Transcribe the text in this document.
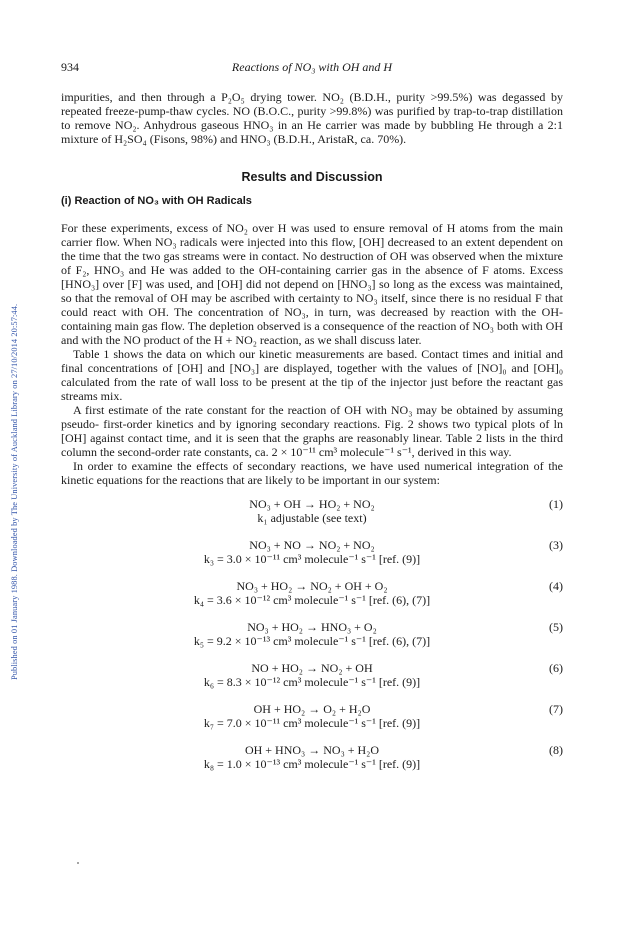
Published on 01 January 1988. Downloaded by The University of Auckland Library on 27/10/2014 20:57:44.
934	Reactions of NO₃ with OH and H

impurities, and then through a P₂O₅ drying tower. NO₂ (B.D.H., purity >99.5%) was degassed by repeated freeze-pump-thaw cycles. NO (B.O.C., purity >99.8%) was purified by trap-to-trap distillation to remove NO₂. Anhydrous gaseous HNO₃ in an He carrier was made by bubbling He through a 2:1 mixture of H₂SO₄ (Fisons, 98%) and HNO₃ (B.D.H., AristaR, ca. 70%).

Results and Discussion
(i) Reaction of NO₃ with OH Radicals

For these experiments, excess of NO₂ over H was used to ensure removal of H atoms from the main carrier flow. When NO₃ radicals were injected into this flow, [OH] decreased to an extent dependent on the time that the two gas streams were in contact. No destruction of OH was observed when the mixture of F₂, HNO₃ and He was added to the OH-containing carrier gas in the absence of F atoms. Excess [HNO₃] over [F] was used, and [OH] did not depend on [HNO₃] so long as the excess was maintained, so that the removal of OH may be ascribed with certainty to NO₃ itself, since there is no residual F that could react with OH. The concentration of NO₃, in turn, was decreased by reaction with the OH-containing main gas flow. The depletion observed is a consequence of the reaction of NO₃ both with OH and with the NO product of the H + NO₂ reaction, as we shall discuss later.

Table 1 shows the data on which our kinetic measurements are based. Contact times and initial and final concentrations of [OH] and [NO₃] are displayed, together with the values of [NO]₀ and [OH]₀ calculated from the rate of wall loss to be present at the tip of the injector just before the reactant gas streams mix.

A first estimate of the rate constant for the reaction of OH with NO₃ may be obtained by assuming pseudo- first-order kinetics and by ignoring secondary reactions. Fig. 2 shows two typical plots of ln [OH] against contact time, and it is seen that the graphs are reasonably linear. Table 2 lists in the third column the second-order rate constants, ca. 2 × 10⁻¹¹ cm³ molecule⁻¹ s⁻¹, derived in this way.

In order to examine the effects of secondary reactions, we have used numerical integration of the kinetic equations for the reactions that are likely to be important in our system:

NO₃ + OH → HO₂ + NO₂	(1)
k₁ adjustable (see text)
NO₃ + NO → NO₂ + NO₂	(3)
k₃ = 3.0 × 10⁻¹¹ cm³ molecule⁻¹ s⁻¹ [ref. (9)]
NO₃ + HO₂ → NO₂ + OH + O₂	(4)
k₄ = 3.6 × 10⁻¹² cm³ molecule⁻¹ s⁻¹ [ref. (6), (7)]
NO₃ + HO₂ → HNO₃ + O₂	(5)
k₅ = 9.2 × 10⁻¹³ cm³ molecule⁻¹ s⁻¹ [ref. (6), (7)]
NO + HO₂ → NO₂ + OH	(6)
k₆ = 8.3 × 10⁻¹² cm³ molecule⁻¹ s⁻¹ [ref. (9)]
OH + HO₂ → O₂ + H₂O	(7)
k₇ = 7.0 × 10⁻¹¹ cm³ molecule⁻¹ s⁻¹ [ref. (9)]
OH + HNO₃ → NO₃ + H₂O	(8)
k₈ = 1.0 × 10⁻¹³ cm³ molecule⁻¹ s⁻¹ [ref. (9)]
